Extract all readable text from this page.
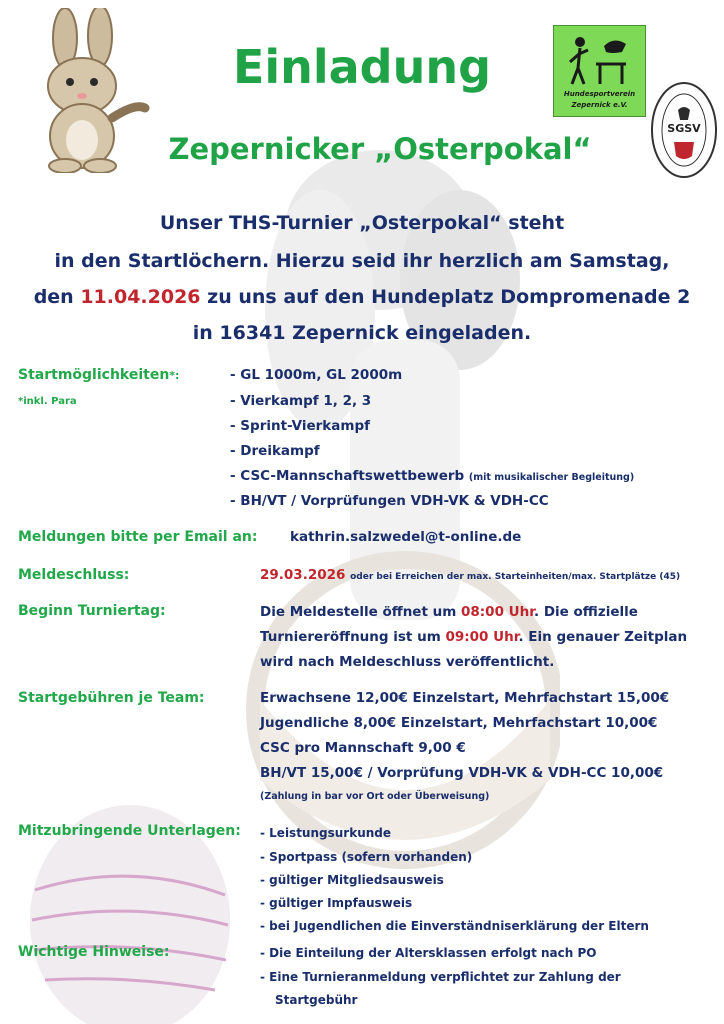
Hundesportverein
Zepernick e.V.
SGSV
Einladung
Zepernicker „Osterpokal“
Unser THS-Turnier „Osterpokal“ steht
in den Startlöchern. Hierzu seid ihr herzlich am Samstag,
den 11.04.2026 zu uns auf den Hundeplatz Dompromenade 2
in 16341 Zepernick eingeladen.
Startmöglichkeiten*:
*inkl. Para
- GL 1000m, GL 2000m
- Vierkampf 1, 2, 3
- Sprint-Vierkampf
- Dreikampf
- CSC-Mannschaftswettbewerb (mit musikalischer Begleitung)
- BH/VT / Vorprüfungen VDH-VK & VDH-CC
Meldungen bitte per Email an: kathrin.salzwedel@t-online.de
Meldeschluss:	29.03.2026 oder bei Erreichen der max. Starteinheiten/max. Startplätze (45)
Beginn Turniertag:	Die Meldestelle öffnet um 08:00 Uhr. Die offizielle
Turniereröffnung ist um 09:00 Uhr. Ein genauer Zeitplan
wird nach Meldeschluss veröffentlicht.
Startgebühren je Team:	Erwachsene 12,00€ Einzelstart, Mehrfachstart 15,00€
Jugendliche 8,00€ Einzelstart, Mehrfachstart 10,00€
CSC pro Mannschaft 9,00 €
BH/VT 15,00€ / Vorprüfung VDH-VK & VDH-CC 10,00€
(Zahlung in bar vor Ort oder Überweisung)
Mitzubringende Unterlagen: - Leistungsurkunde
- Sportpass (sofern vorhanden)
- gültiger Mitgliedsausweis
- gültiger Impfausweis
- bei Jugendlichen die Einverständniserklärung der Eltern
Wichtige Hinweise:	- Die Einteilung der Altersklassen erfolgt nach PO
- Eine Turnieranmeldung verpflichtet zur Zahlung der
Startgebühr
